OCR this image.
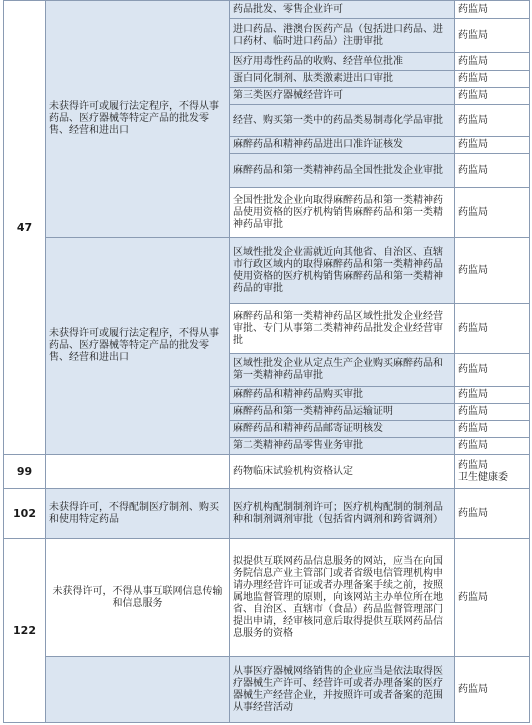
47	未获得许可或履行法定程序，不得从事药品、医疗器械等特定产品的批发零售、经营和进出口	药品批发、零售企业许可	药监局
		进口药品、港澳台医药产品（包括进口药品、进口药材、临时进口药品）注册审批	药监局
		医疗用毒性药品的收购、经营单位批准	药监局
		蛋白同化制剂、肽类激素进出口审批	药监局
		第三类医疗器械经营许可	药监局
		经营、购买第一类中的药品类易制毒化学品审批	药监局
		麻醉药品和精神药品进出口准许证核发	药监局
		麻醉药品和第一类精神药品全国性批发企业审批	药监局
		全国性批发企业向取得麻醉药品和第一类精神药品使用资格的医疗机构销售麻醉药品和第一类精神药品审批	药监局
	未获得许可或履行法定程序，不得从事药品、医疗器械等特定产品的批发零售、经营和进出口	区域性批发企业需就近向其他省、自治区、直辖市行政区域内的取得麻醉药品和第一类精神药品使用资格的医疗机构销售麻醉药品和第一类精神药品的审批	药监局
		麻醉药品和第一类精神药品区域性批发企业经营审批、专门从事第二类精神药品批发企业经营审批	药监局
		区域性批发企业从定点生产企业购买麻醉药品和第一类精神药品审批	药监局
		麻醉药品和精神药品购买审批	药监局
		麻醉药品和第一类精神药品运输证明	药监局
		麻醉药品和精神药品邮寄证明核发	药监局
		第二类精神药品零售业务审批	药监局
99		药物临床试验机构资格认定	药监局
卫生健康委
102	未获得许可，不得配制医疗制剂、购买和使用特定药品	医疗机构配制制剂许可；医疗机构配制的制剂品种和制剂调剂审批（包括省内调剂和跨省调剂）	药监局
122	未获得许可，不得从事互联网信息传输和信息服务	拟提供互联网药品信息服务的网站，应当在向国务院信息产业主管部门或者省级电信管理机构申请办理经营许可证或者办理备案手续之前，按照属地监督管理的原则，向该网站主办单位所在地省、自治区、直辖市（食品）药品监督管理部门提出申请，经审核同意后取得提供互联网药品信息服务的资格	药监局
		从事医疗器械网络销售的企业应当是依法取得医疗器械生产许可、经营许可或者办理备案的医疗器械生产经营企业，并按照许可或者备案的范围从事经营活动	药监局
